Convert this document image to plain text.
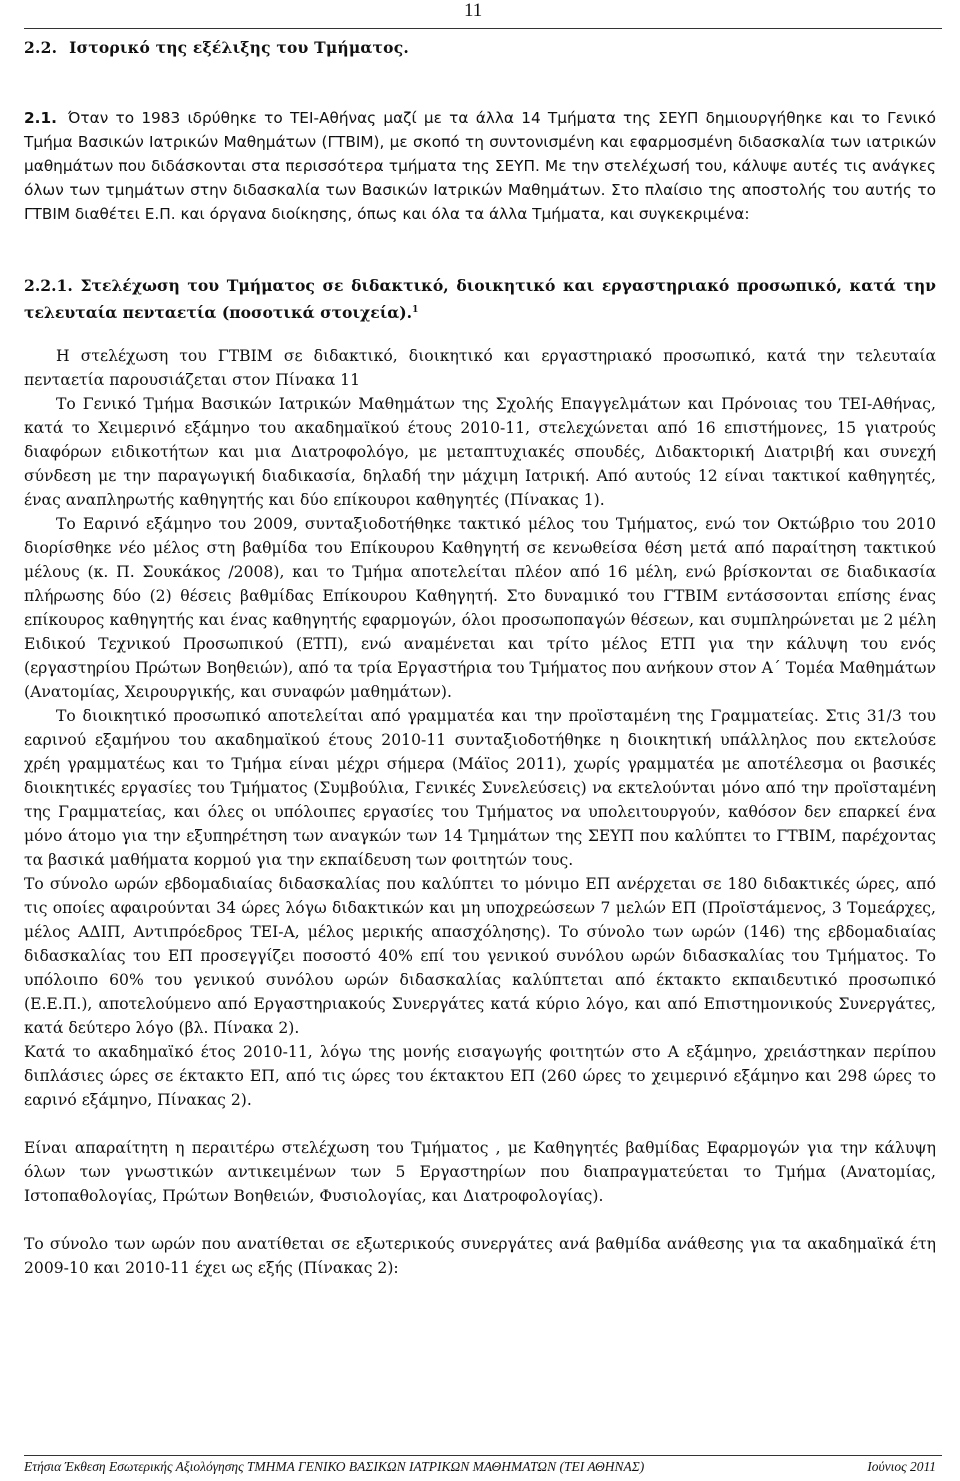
11
2.2. Ιστορικό της εξέλιξης του Τμήματος.
2.1. Όταν το 1983 ιδρύθηκε το ΤΕΙ-Αθήνας μαζί με τα άλλα 14 Τμήματα της ΣΕΥΠ δημιουργήθηκε και το Γενικό Τμήμα Βασικών Ιατρικών Μαθημάτων (ΓΤΒΙΜ), με σκοπό τη συντονισμένη και εφαρμοσμένη διδασκαλία των ιατρικών μαθημάτων που διδάσκονται στα περισσότερα τμήματα της ΣΕΥΠ. Με την στελέχωσή του, κάλυψε αυτές τις ανάγκες όλων των τμημάτων στην διδασκαλία των Βασικών Ιατρικών Μαθημάτων. Στο πλαίσιο της αποστολής του αυτής το ΓΤΒΙΜ διαθέτει Ε.Π. και όργανα διοίκησης, όπως και όλα τα άλλα Τμήματα, και συγκεκριμένα:
2.2.1. Στελέχωση του Τμήματος σε διδακτικό, διοικητικό και εργαστηριακό προσωπικό, κατά την τελευταία πενταετία (ποσοτικά στοιχεία).$^1$

Η στελέχωση του ΓΤΒΙΜ σε διδακτικό, διοικητικό και εργαστηριακό προσωπικό, κατά την τελευταία πενταετία παρουσιάζεται στον Πίνακα 11

Το Γενικό Τμήμα Βασικών Ιατρικών Μαθημάτων της Σχολής Επαγγελμάτων και Πρόνοιας του ΤΕΙ-Αθήνας, κατά το Χειμερινό εξάμηνο του ακαδημαϊκού έτους 2010-11, στελεχώνεται από 16 επιστήμονες, 15 γιατρούς διαφόρων ειδικοτήτων και μια Διατροφολόγο, με μεταπτυχιακές σπουδές, Διδακτορική Διατριβή και συνεχή σύνδεση με την παραγωγική διαδικασία, δηλαδή την μάχιμη Ιατρική. Από αυτούς 12 είναι τακτικοί καθηγητές, ένας αναπληρωτής καθηγητής και δύο επίκουροι καθηγητές (Πίνακας 1).

Το Εαρινό εξάμηνο του 2009, συνταξιοδοτήθηκε τακτικό μέλος του Τμήματος, ενώ τον Οκτώβριο του 2010 διορίσθηκε νέο μέλος στη βαθμίδα του Επίκουρου Καθηγητή σε κενωθείσα θέση μετά από παραίτηση τακτικού μέλους (κ. Π. Σουκάκος /2008), και το Τμήμα αποτελείται πλέον από 16 μέλη, ενώ βρίσκονται σε διαδικασία πλήρωσης δύο (2) θέσεις βαθμίδας Επίκουρου Καθηγητή. Στο δυναμικό του ΓΤΒΙΜ εντάσσονται επίσης ένας επίκουρος καθηγητής και ένας καθηγητής εφαρμογών, όλοι προσωποπαγών θέσεων, και συμπληρώνεται με 2 μέλη Ειδικού Τεχνικού Προσωπικού (ΕΤΠ), ενώ αναμένεται και τρίτο μέλος ΕΤΠ για την κάλυψη του ενός (εργαστηρίου Πρώτων Βοηθειών), από τα τρία Εργαστήρια του Τμήματος που ανήκουν στον Α΄ Τομέα Μαθημάτων (Ανατομίας, Χειρουργικής, και συναφών μαθημάτων).

Το διοικητικό προσωπικό αποτελείται από γραμματέα και την προϊσταμένη της Γραμματείας. Στις 31/3 του εαρινού εξαμήνου του ακαδημαϊκού έτους 2010-11 συνταξιοδοτήθηκε η διοικητική υπάλληλος που εκτελούσε χρέη γραμματέως και το Τμήμα είναι μέχρι σήμερα (Μάϊος 2011), χωρίς γραμματέα με αποτέλεσμα οι βασικές διοικητικές εργασίες του Τμήματος (Συμβούλια, Γενικές Συνελεύσεις) να εκτελούνται μόνο από την προϊσταμένη της Γραμματείας, και όλες οι υπόλοιπες εργασίες του Τμήματος να υπολειτουργούν, καθόσον δεν επαρκεί ένα μόνο άτομο για την εξυπηρέτηση των αναγκών των 14 Τμημάτων της ΣΕΥΠ που καλύπτει το ΓΤΒΙΜ, παρέχοντας τα βασικά μαθήματα κορμού για την εκπαίδευση των φοιτητών τους.

Το σύνολο ωρών εβδομαδιαίας διδασκαλίας που καλύπτει το μόνιμο ΕΠ ανέρχεται σε 180 διδακτικές ώρες, από τις οποίες αφαιρούνται 34 ώρες λόγω διδακτικών και μη υποχρεώσεων 7 μελών ΕΠ (Προϊστάμενος, 3 Τομεάρχες, μέλος ΑΔΙΠ, Αντιπρόεδρος ΤΕΙ-Α, μέλος μερικής απασχόλησης). Το σύνολο των ωρών (146) της εβδομαδιαίας διδασκαλίας του ΕΠ προσεγγίζει ποσοστό 40% επί του γενικού συνόλου ωρών διδασκαλίας του Τμήματος. Το υπόλοιπο 60% του γενικού συνόλου ωρών διδασκαλίας καλύπτεται από έκτακτο εκπαιδευτικό προσωπικό (Ε.Ε.Π.), αποτελούμενο από Εργαστηριακούς Συνεργάτες κατά κύριο λόγο, και από Επιστημονικούς Συνεργάτες, κατά δεύτερο λόγο (βλ. Πίνακα 2).

Κατά το ακαδημαϊκό έτος 2010-11, λόγω της μονής εισαγωγής φοιτητών στο Α εξάμηνο, χρειάστηκαν περίπου διπλάσιες ώρες σε έκτακτο ΕΠ, από τις ώρες του έκτακτου ΕΠ (260 ώρες το χειμερινό εξάμηνο και 298 ώρες το εαρινό εξάμηνο, Πίνακας 2).

Είναι απαραίτητη η περαιτέρω στελέχωση του Τμήματος , με Καθηγητές βαθμίδας Εφαρμογών για την κάλυψη όλων των γνωστικών αντικειμένων των 5 Εργαστηρίων που διαπραγματεύεται το Τμήμα (Ανατομίας, Ιστοπαθολογίας, Πρώτων Βοηθειών, Φυσιολογίας, και Διατροφολογίας).

Το σύνολο των ωρών που ανατίθεται σε εξωτερικούς συνεργάτες ανά βαθμίδα ανάθεσης για τα ακαδημαϊκά έτη 2009-10 και 2010-11 έχει ως εξής (Πίνακας 2):

Ετήσια Έκθεση Εσωτερικής Αξιολόγησης ΤΜΗΜΑ ΓΕΝΙΚΟ ΒΑΣΙΚΩΝ ΙΑΤΡΙΚΩΝ ΜΑΘΗΜΑΤΩΝ (ΤΕΙ ΑΘΗΝΑΣ)	Ιούνιος 2011
